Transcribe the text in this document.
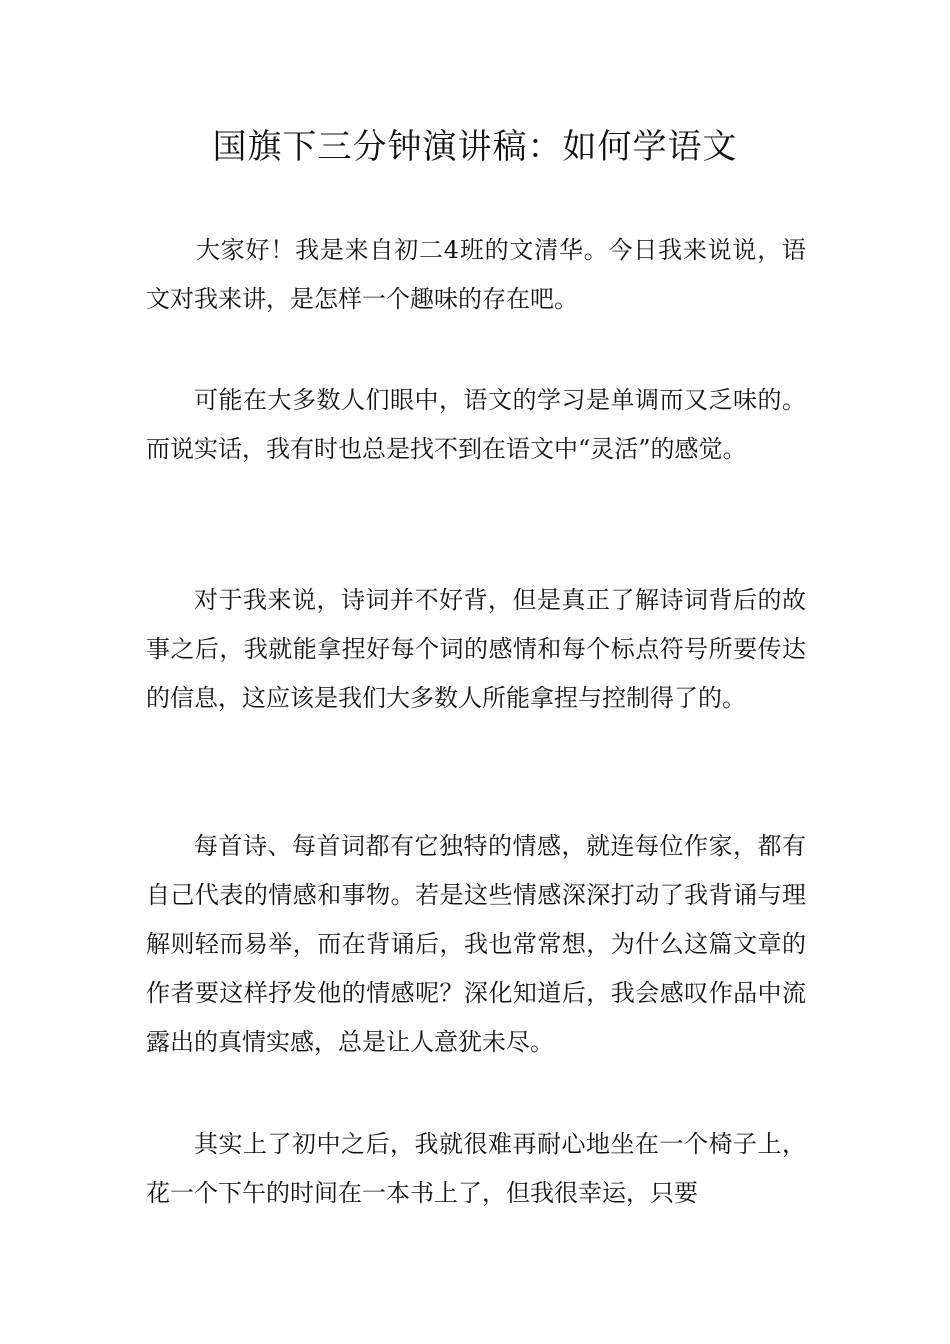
国旗下三分钟演讲稿：如何学语文

大家好！我是来自初二4班的文清华。今日我来说说，语文对我来讲，是怎样一个趣味的存在吧。

可能在大多数人们眼中，语文的学习是单调而又乏味的。而说实话，我有时也总是找不到在语文中“灵活”的感觉。

对于我来说，诗词并不好背，但是真正了解诗词背后的故事之后，我就能拿捏好每个词的感情和每个标点符号所要传达的信息，这应该是我们大多数人所能拿捏与控制得了的。

每首诗、每首词都有它独特的情感，就连每位作家，都有自己代表的情感和事物。若是这些情感深深打动了我背诵与理解则轻而易举，而在背诵后，我也常常想，为什么这篇文章的作者要这样抒发他的情感呢？深化知道后，我会感叹作品中流露出的真情实感，总是让人意犹未尽。

其实上了初中之后，我就很难再耐心地坐在一个椅子上，花一个下午的时间在一本书上了，但我很幸运，只要
